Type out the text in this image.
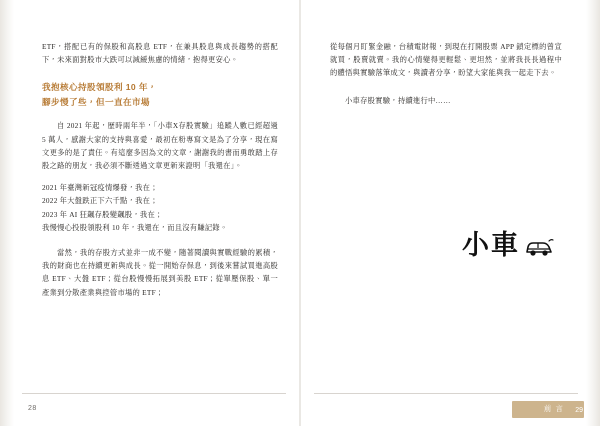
ETF，搭配已有的保股和高股息 ETF，在兼具股息與成長趨勢的搭配下，未來面對股市大跌可以減緩焦慮的情緒，抱得更安心。

我抱核心持股領股利 10 年，
腳步慢了些，但一直在市場

自 2021 年起，歷時兩年半，「小車X存股實驗」追蹤人數已經超過 5 萬人，感謝大家的支持與喜愛，最初在粉專寫文是為了分享，現在寫文更多的是了責任。有這麼多因為文的文章，謝謝我的書而勇敢踏上存股之路的朋友，我必須不斷透過文章更新來證明「我還在」。

2021 年臺灣新冠疫情爆發，我在；

2022 年大盤跌正下六千點，我在；

2023 年 AI 狂飆存股變飆股，我在；

我慢慢心投股領股利 10 年，我還在，而且沒有賺記錄。

當然，我的存股方式並非一成不變，隨著閱讀與實戰經驗的累積，我的財商也在持續更新與成長。從一開始存保息，到後來嘗試買進高股息 ETF、大盤 ETF；從台股慢慢拓展到美股 ETF；從單壓保股、單一產業到分散產業與控管市場的 ETF；

28

從每個月盯緊金融，台積電財報，到現在打開股票 APP 鎖定標的曾宣就買，股賣就賣。我的心情變得更輕鬆、更坦然，並將我長長過程中的體悟與實驗落筆成文，與讀者分享，盼望大家能與我一起走下去。

小車存股實驗，持續進行中……
小車
前 言 29
